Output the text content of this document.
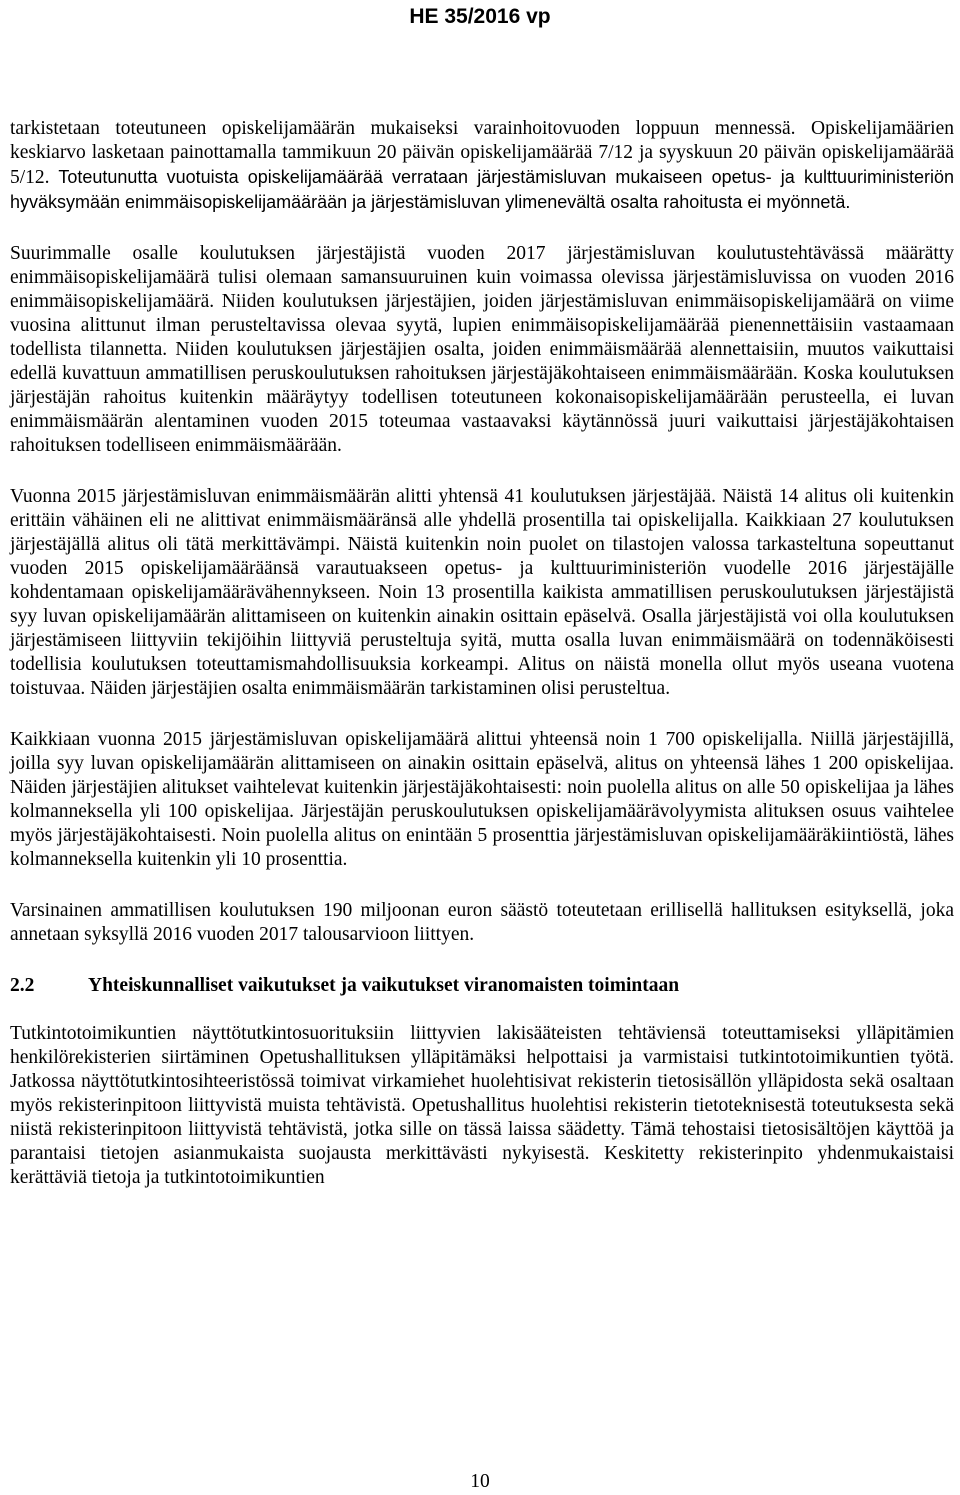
HE 35/2016 vp

tarkistetaan toteutuneen opiskelijamäärän mukaiseksi varainhoitovuoden loppuun mennessä. Opiskelijamäärien keskiarvo lasketaan painottamalla tammikuun 20 päivän opiskelijamäärää 7/12 ja syyskuun 20 päivän opiskelijamäärää 5/12. Toteutunutta vuotuista opiskelijamäärää verrataan järjestämisluvan mukaiseen opetus- ja kulttuuriministeriön hyväksymään enimmäisopiskelijamäärään ja järjestämisluvan ylimenevältä osalta rahoitusta ei myönnetä.

Suurimmalle osalle koulutuksen järjestäjistä vuoden 2017 järjestämisluvan koulutustehtävässä määrätty enimmäisopiskelijamäärä tulisi olemaan samansuuruinen kuin voimassa olevissa järjestämisluvissa on vuoden 2016 enimmäisopiskelijamäärä. Niiden koulutuksen järjestäjien, joiden järjestämisluvan enimmäisopiskelijamäärä on viime vuosina alittunut ilman perusteltavissa olevaa syytä, lupien enimmäisopiskelijamäärää pienennettäisiin vastaamaan todellista tilannetta. Niiden koulutuksen järjestäjien osalta, joiden enimmäismäärää alennettaisiin, muutos vaikuttaisi edellä kuvattuun ammatillisen peruskoulutuksen rahoituksen järjestäjäkohtaiseen enimmäismäärään. Koska koulutuksen järjestäjän rahoitus kuitenkin määräytyy todellisen toteutuneen kokonaisopiskelijamäärään perusteella, ei luvan enimmäismäärän alentaminen vuoden 2015 toteumaa vastaavaksi käytännössä juuri vaikuttaisi järjestäjäkohtaisen rahoituksen todelliseen enimmäismäärään.

Vuonna 2015 järjestämisluvan enimmäismäärän alitti yhtensä 41 koulutuksen järjestäjää. Näistä 14 alitus oli kuitenkin erittäin vähäinen eli ne alittivat enimmäismääränsä alle yhdellä prosentilla tai opiskelijalla. Kaikkiaan 27 koulutuksen järjestäjällä alitus oli tätä merkittävämpi. Näistä kuitenkin noin puolet on tilastojen valossa tarkasteltuna sopeuttanut vuoden 2015 opiskelijamääräänsä varautuakseen opetus- ja kulttuuriministeriön vuodelle 2016 järjestäjälle kohdentamaan opiskelijamäärävähennykseen. Noin 13 prosentilla kaikista ammatillisen peruskoulutuksen järjestäjistä syy luvan opiskelijamäärän alittamiseen on kuitenkin ainakin osittain epäselvä. Osalla järjestäjistä voi olla koulutuksen järjestämiseen liittyviin tekijöihin liittyviä perusteltuja syitä, mutta osalla luvan enimmäismäärä on todennäköisesti todellisia koulutuksen toteuttamismahdollisuuksia korkeampi. Alitus on näistä monella ollut myös useana vuotena toistuvaa. Näiden järjestäjien osalta enimmäismäärän tarkistaminen olisi perusteltua.

Kaikkiaan vuonna 2015 järjestämisluvan opiskelijamäärä alittui yhteensä noin 1 700 opiskelijalla. Niillä järjestäjillä, joilla syy luvan opiskelijamäärän alittamiseen on ainakin osittain epäselvä, alitus on yhteensä lähes 1 200 opiskelijaa. Näiden järjestäjien alitukset vaihtelevat kuitenkin järjestäjäkohtaisesti: noin puolella alitus on alle 50 opiskelijaa ja lähes kolmanneksella yli 100 opiskelijaa. Järjestäjän peruskoulutuksen opiskelijamäärävolyymista alituksen osuus vaihtelee myös järjestäjäkohtaisesti. Noin puolella alitus on enintään 5 prosenttia järjestämisluvan opiskelijamääräkiintiöstä, lähes kolmanneksella kuitenkin yli 10 prosenttia.

Varsinainen ammatillisen koulutuksen 190 miljoonan euron säästö toteutetaan erillisellä hallituksen esityksellä, joka annetaan syksyllä 2016 vuoden 2017 talousarvioon liittyen.

2.2	Yhteiskunnalliset vaikutukset ja vaikutukset viranomaisten toimintaan

Tutkintotoimikuntien näyttötutkintosuorituksiin liittyvien lakisääteisten tehtäviensä toteuttamiseksi ylläpitämien henkilörekisterien siirtäminen Opetushallituksen ylläpitämäksi helpottaisi ja varmistaisi tutkintotoimikuntien työtä. Jatkossa näyttötutkintosihteeristössä toimivat virkamiehet huolehtisivat rekisterin tietosisällön ylläpidosta sekä osaltaan myös rekisterinpitoon liittyvistä muista tehtävistä. Opetushallitus huolehtisi rekisterin tietoteknisestä toteutuksesta sekä niistä rekisterinpitoon liittyvistä tehtävistä, jotka sille on tässä laissa säädetty. Tämä tehostaisi tietosisältöjen käyttöä ja parantaisi tietojen asianmukaista suojausta merkittävästi nykyisestä. Keskitetty rekisterinpito yhdenmukaistaisi kerättäviä tietoja ja tutkintotoimikuntien

10
